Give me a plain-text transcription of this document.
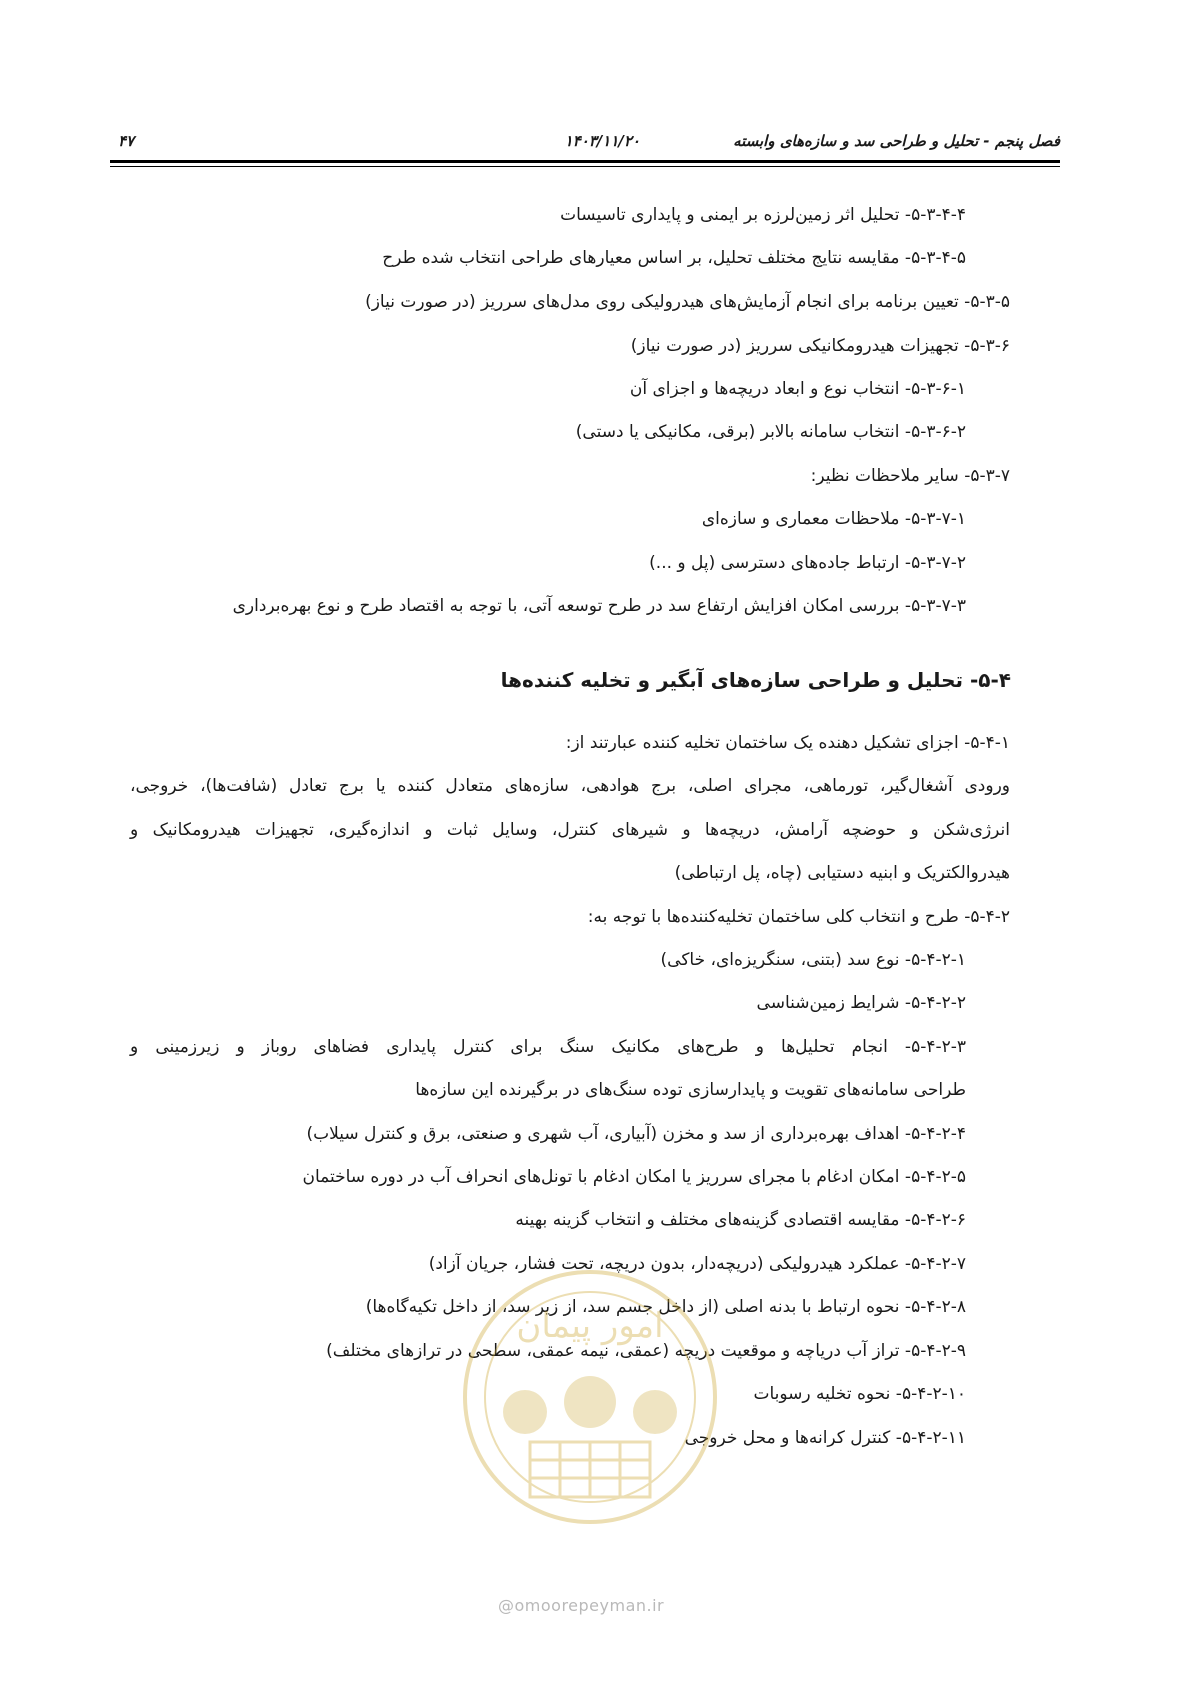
فصل پنجم - تحلیل و طراحی سد و سازه‌های وابسته
۱۴۰۳/۱۱/۲۰
۴۷
۵-۳-۴-۴- تحلیل اثر زمین‌لرزه بر ایمنی و پایداری تاسیسات
۵-۳-۴-۵- مقایسه نتایج مختلف تحلیل، بر اساس معیارهای طراحی انتخاب شده طرح
۵-۳-۵- تعیین برنامه برای انجام آزمایش‌های هیدرولیکی روی مدل‌های سرریز (در صورت نیاز)
۵-۳-۶- تجهیزات هیدرومکانیکی سرریز (در صورت نیاز)
۵-۳-۶-۱- انتخاب نوع و ابعاد دریچه‌ها و اجزای آن
۵-۳-۶-۲- انتخاب سامانه بالابر (برقی، مکانیکی یا دستی)
۵-۳-۷- سایر ملاحظات نظیر:
۵-۳-۷-۱- ملاحظات معماری و سازه‌ای
۵-۳-۷-۲- ارتباط جاده‌های دسترسی (پل و ...)
۵-۳-۷-۳- بررسی امکان افزایش ارتفاع سد در طرح توسعه آتی، با توجه به اقتصاد طرح و نوع بهره‌برداری
۵-۴- تحلیل و طراحی سازه‌های آبگیر و تخلیه کننده‌ها
۵-۴-۱- اجزای تشکیل دهنده یک ساختمان تخلیه کننده عبارتند از:
ورودی آشغال‌گیر، تورماهی، مجرای اصلی، برج هوادهی، سازه‌های متعادل کننده یا برج تعادل (شافت‌ها)، خروجی،
انرژی‌شکن و حوضچه آرامش، دریچه‌ها و شیرهای کنترل، وسایل ثبات و اندازه‌گیری، تجهیزات هیدرومکانیک و
هیدروالکتریک و ابنیه دستیابی (چاه، پل ارتباطی)
۵-۴-۲- طرح و انتخاب کلی ساختمان تخلیه‌کننده‌ها با توجه به:
۵-۴-۲-۱- نوع سد (بتنی، سنگریزه‌ای، خاکی)
۵-۴-۲-۲- شرایط زمین‌شناسی
۵-۴-۲-۳- انجام تحلیل‌ها و طرح‌های مکانیک سنگ برای کنترل پایداری فضاهای روباز و زیرزمینی و
طراحی سامانه‌های تقویت و پایدارسازی توده سنگ‌های در برگیرنده این سازه‌ها
۵-۴-۲-۴- اهداف بهره‌برداری از سد و مخزن (آبیاری، آب شهری و صنعتی، برق و کنترل سیلاب)
۵-۴-۲-۵- امکان ادغام با مجرای سرریز یا امکان ادغام با تونل‌های انحراف آب در دوره ساختمان
۵-۴-۲-۶- مقایسه اقتصادی گزینه‌های مختلف و انتخاب گزینه بهینه
۵-۴-۲-۷- عملکرد هیدرولیکی (دریچه‌دار، بدون دریچه، تحت فشار، جریان آزاد)
۵-۴-۲-۸- نحوه ارتباط با بدنه اصلی (از داخل جسم سد، از زیر سد، از داخل تکیه‌گاه‌ها)
۵-۴-۲-۹- تراز آب دریاچه و موقعیت دریچه (عمقی، نیمه عمقی، سطحی در ترازهای مختلف)
۵-۴-۲-۱۰- نحوه تخلیه رسوبات
۵-۴-۲-۱۱- کنترل کرانه‌ها و محل خروجی
امور پیمان
@omoorepeyman.ir
